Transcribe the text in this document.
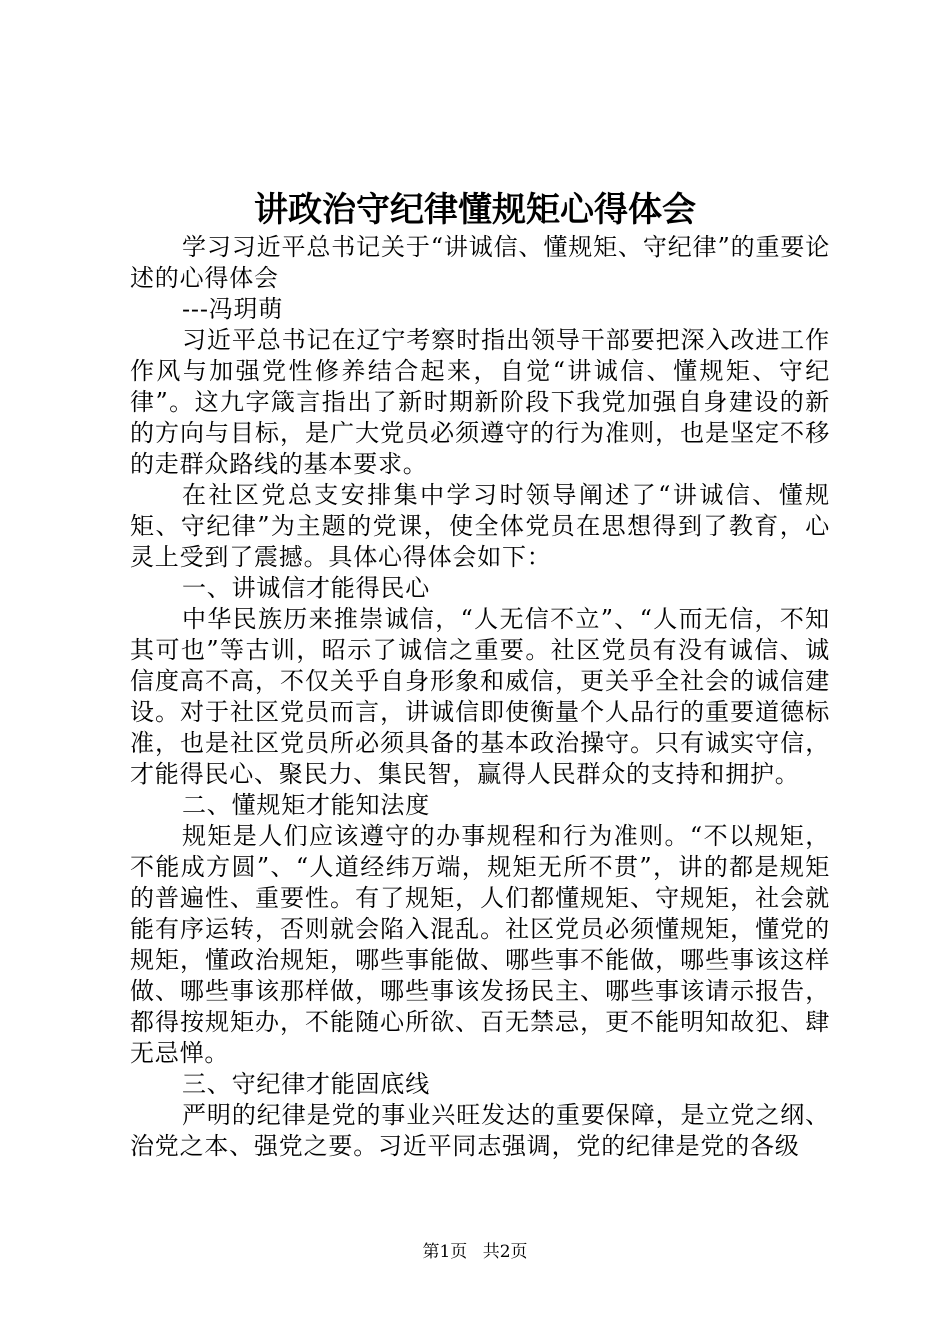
讲政治守纪律懂规矩心得体会

学习习近平总书记关于“讲诚信、懂规矩、守纪律”的重要论述的心得体会

---冯玥萌

习近平总书记在辽宁考察时指出领导干部要把深入改进工作作风与加强党性修养结合起来，自觉“讲诚信、懂规矩、守纪律”。这九字箴言指出了新时期新阶段下我党加强自身建设的新的方向与目标，是广大党员必须遵守的行为准则，也是坚定不移的走群众路线的基本要求。

在社区党总支安排集中学习时领导阐述了“讲诚信、懂规矩、守纪律”为主题的党课，使全体党员在思想得到了教育，心灵上受到了震撼。具体心得体会如下：

一、讲诚信才能得民心

中华民族历来推崇诚信，“人无信不立”、“人而无信，不知其可也”等古训，昭示了诚信之重要。社区党员有没有诚信、诚信度高不高，不仅关乎自身形象和威信，更关乎全社会的诚信建设。对于社区党员而言，讲诚信即使衡量个人品行的重要道德标准，也是社区党员所必须具备的基本政治操守。只有诚实守信，才能得民心、聚民力、集民智，赢得人民群众的支持和拥护。

二、懂规矩才能知法度

规矩是人们应该遵守的办事规程和行为准则。“不以规矩，不能成方圆”、“人道经纬万端，规矩无所不贯”，讲的都是规矩的普遍性、重要性。有了规矩，人们都懂规矩、守规矩，社会就能有序运转，否则就会陷入混乱。社区党员必须懂规矩，懂党的规矩，懂政治规矩，哪些事能做、哪些事不能做，哪些事该这样做、哪些事该那样做，哪些事该发扬民主、哪些事该请示报告，都得按规矩办，不能随心所欲、百无禁忌，更不能明知故犯、肆无忌惮。

三、守纪律才能固底线

严明的纪律是党的事业兴旺发达的重要保障，是立党之纲、治党之本、强党之要。习近平同志强调，党的纪律是党的各级

第1页 共2页
